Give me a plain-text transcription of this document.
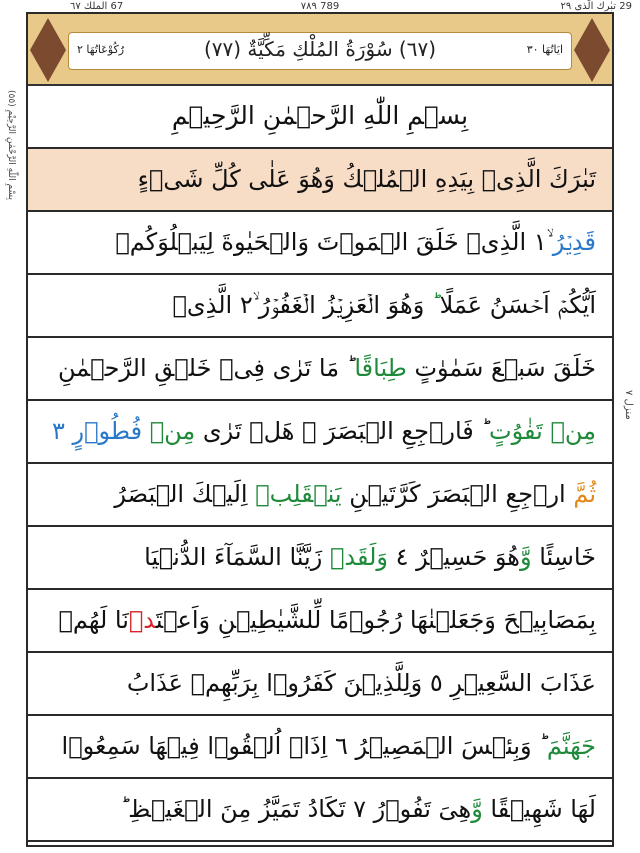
29 تبٰرك الّذى ٢٩
789 ٧٨٩
67 الملك ٦٧
(٥٥) بِسْمِ اللّٰهِ الرَّحْمٰنِ الرَّحِيْمِ
منزل ٧
ايَاتُهَا ٣٠
(٦٧) سُوْرَةُ المُلْكِ مَكِّيَّةٌ (٧٧)
رُكُوْعَاتُهَا ٢
بِسۡمِ اللّٰهِ الرَّحۡمٰنِ الرَّحِيۡمِ
تَبٰرَكَ الَّذِىۡ بِيَدِهِ الۡمُلۡكُ وَهُوَ عَلٰى كُلِّ شَىۡءٍ
قَدِيۡرُ ۙ١ الَّذِىۡ خَلَقَ الۡمَوۡتَ وَالۡحَيٰوةَ لِيَبۡلُوَكُمۡ
اَيُّكُمۡ اَحۡسَنُ عَمَلًا ؕ وَهُوَ الۡعَزِيۡزُ الۡغَفُوۡرُ ۙ٢ الَّذِىۡ
خَلَقَ سَبۡعَ سَمٰوٰتٍ طِبَاقًا ؕ مَا تَرٰى فِىۡ خَلۡقِ الرَّحۡمٰنِ
مِنۡ تَفٰوُتٍ ؕ فَارۡجِعِ الۡبَصَرَ ۙ هَلۡ تَرٰى مِنۡ فُطُوۡرٍ ٣
ثُمَّ ارۡجِعِ الۡبَصَرَ كَرَّتَيۡنِ يَنۡقَلِبۡ اِلَيۡكَ الۡبَصَرُ
خَاسِئًا وَّهُوَ حَسِيۡرٌ ٤ وَلَقَدۡ زَيَّنَّا السَّمَآءَ الدُّنۡيَا
بِمَصَابِيۡحَ وَجَعَلۡنٰهَا رُجُوۡمًا لِّلشَّيٰطِيۡنِ وَاَعۡتَدۡنَا لَهُمۡ
عَذَابَ السَّعِيۡرِ ٥ وَلِلَّذِيۡنَ كَفَرُوۡا بِرَبِّهِمۡ عَذَابُ
جَهَنَّمَ ؕ وَبِئۡسَ الۡمَصِيۡرُ ٦ اِذَاۤ اُلۡقُوۡا فِيۡهَا سَمِعُوۡا
لَهَا شَهِيۡقًا وَّهِىَ تَفُوۡرُ ٧ تَكَادُ تَمَيَّزُ مِنَ الۡغَيۡظِ ؕ
